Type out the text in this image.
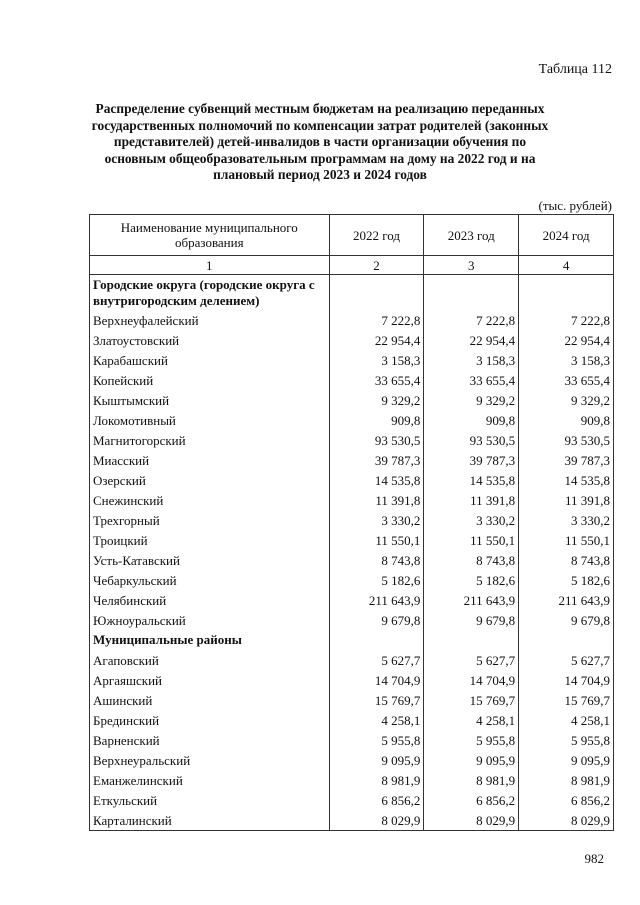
Таблица 112
Распределение субвенций местным бюджетам на реализацию переданных государственных полномочий по компенсации затрат родителей (законных представителей) детей-инвалидов в части организации обучения по основным общеобразовательным программам на дому на 2022 год и на плановый период 2023 и 2024 годов
(тыс. рублей)
Наименование муниципального образования	2022 год	2023 год	2024 год
1	2	3	4
Городские округа (городские округа с внутригородским делением)			
Верхнеуфалейский	7 222,8	7 222,8	7 222,8
Златоустовский	22 954,4	22 954,4	22 954,4
Карабашский	3 158,3	3 158,3	3 158,3
Копейский	33 655,4	33 655,4	33 655,4
Кыштымский	9 329,2	9 329,2	9 329,2
Локомотивный	909,8	909,8	909,8
Магнитогорский	93 530,5	93 530,5	93 530,5
Миасский	39 787,3	39 787,3	39 787,3
Озерский	14 535,8	14 535,8	14 535,8
Снежинский	11 391,8	11 391,8	11 391,8
Трехгорный	3 330,2	3 330,2	3 330,2
Троицкий	11 550,1	11 550,1	11 550,1
Усть-Катавский	8 743,8	8 743,8	8 743,8
Чебаркульский	5 182,6	5 182,6	5 182,6
Челябинский	211 643,9	211 643,9	211 643,9
Южноуральский	9 679,8	9 679,8	9 679,8
Муниципальные районы			
Агаповский	5 627,7	5 627,7	5 627,7
Аргаяшский	14 704,9	14 704,9	14 704,9
Ашинский	15 769,7	15 769,7	15 769,7
Брединский	4 258,1	4 258,1	4 258,1
Варненский	5 955,8	5 955,8	5 955,8
Верхнеуральский	9 095,9	9 095,9	9 095,9
Еманжелинский	8 981,9	8 981,9	8 981,9
Еткульский	6 856,2	6 856,2	6 856,2
Карталинский	8 029,9	8 029,9	8 029,9
982
